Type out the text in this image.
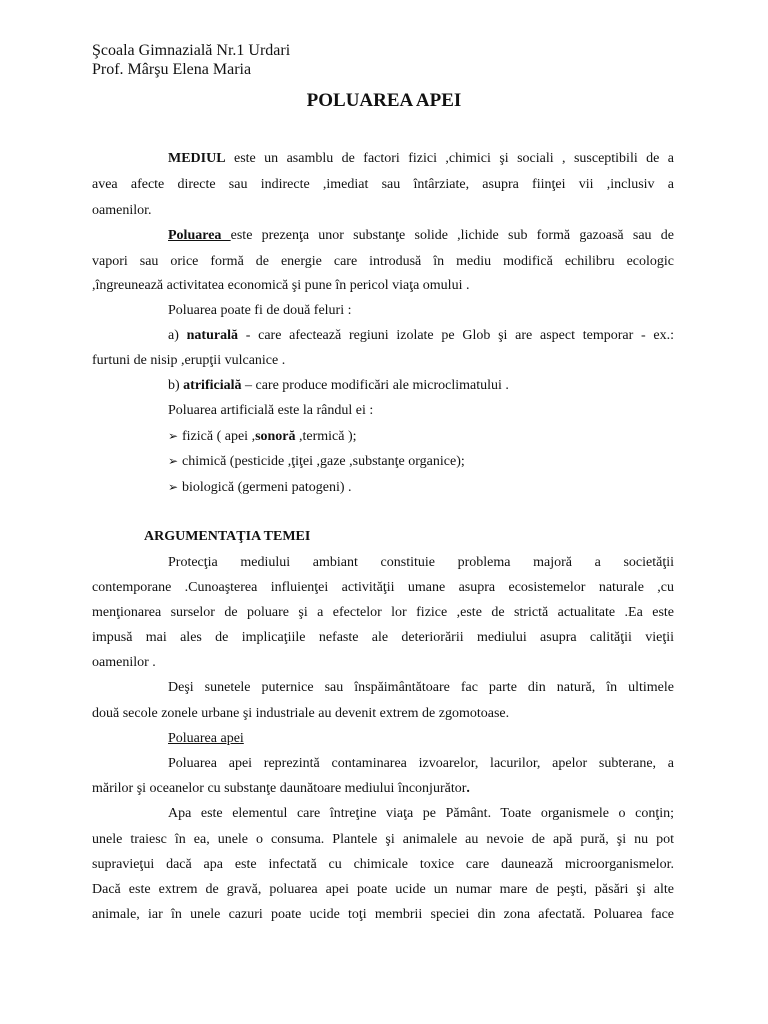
Şcoala Gimnazială Nr.1 Urdari
Prof. Mârşu Elena Maria
POLUAREA APEI
MEDIUL este un asamblu de factori fizici ,chimici şi sociali , susceptibili de a
avea afecte directe sau indirecte ,imediat sau întârziate, asupra fiinţei vii ,inclusiv a
oamenilor.
Poluarea este prezenţa unor substanţe solide ,lichide sub formă gazoasă sau de
vapori sau orice formă de energie care introdusă în mediu modifică echilibru ecologic
,îngreunează activitatea economică şi pune în pericol viaţa omului .
Poluarea poate fi de două feluri :
a) naturală - care afecteazǎ regiuni izolate pe Glob şi are aspect temporar - ex.:
furtuni de nisip ,erupţii vulcanice .
b) atrificială – care produce modificări ale microclimatului .
Poluarea artificială este la rândul ei :
➢ fizică ( apei ,sonoră ,termică );
➢ chimică (pesticide ,ţiţei ,gaze ,substanţe organice);
➢ biologică (germeni patogeni) .
ARGUMENTAŢIA TEMEI
Protecţia mediului ambiant constituie problema majoră a societăţii
contemporane .Cunoaşterea influienţei activităţii umane asupra ecosistemelor naturale ,cu
menţionarea surselor de poluare şi a efectelor lor fizice ,este de strictă actualitate .Ea este
impusă mai ales de implicaţiile nefaste ale deteriorării mediului asupra calităţii vieţii
oamenilor .
Deşi sunetele puternice sau înspăimântătoare fac parte din natură, în ultimele
două secole zonele urbane şi industriale au devenit extrem de zgomotoase.
Poluarea apei
Poluarea apei reprezintă contaminarea izvoarelor, lacurilor, apelor subterane, a
mărilor şi oceanelor cu substanţe daunătoare mediului înconjurător.
Apa este elementul care întreţine viaţa pe Pământ. Toate organismele o conţin;
unele traiesc în ea, unele o consuma. Plantele şi animalele au nevoie de apă pură, şi nu pot
supravieţui dacă apa este infectată cu chimicale toxice care dauneazǎ microorganismelor.
Dacă este extrem de gravă, poluarea apei poate ucide un numar mare de peşti, păsări şi alte
animale, iar în unele cazuri poate ucide toţi membrii speciei din zona afectată. Poluarea face
